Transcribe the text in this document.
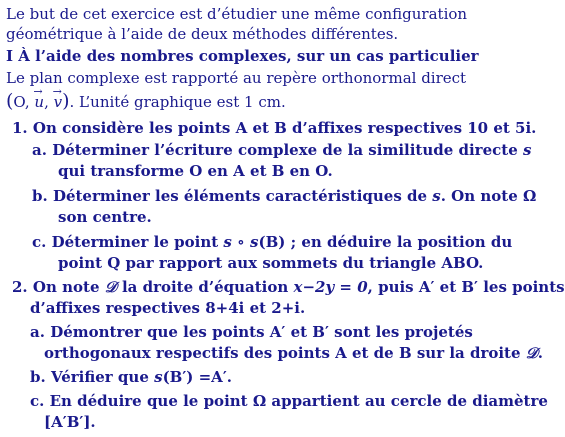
Le but de cet exercice est d’étudier une même configuration
géométrique à l’aide de deux méthodes différentes.
I À l’aide des nombres complexes, sur un cas particulier
Le plan complexe est rapporté au repère orthonormal direct
(O, → u, → v). L’unité graphique est 1 cm.
1. On considère les points A et B d’affixes respectives 10 et 5i.
a. Déterminer l’écriture complexe de la similitude directe s
qui transforme O en A et B en O.
b. Déterminer les éléments caractéristiques de s. On note Ω
son centre.
c. Déterminer le point s ∘ s(B) ; en déduire la position du
point Q par rapport aux sommets du triangle ABO.
2. On note 𝒟 la droite d’équation x−2y = 0, puis A′ et B′ les points
d’affixes respectives 8+4i et 2+i.
a. Démontrer que les points A′ et B′ sont les projetés
orthogonaux respectifs des points A et de B sur la droite 𝒟.
b. Vérifier que s(B′) =A′.
c. En déduire que le point Ω appartient au cercle de diamètre
[A′B′].
